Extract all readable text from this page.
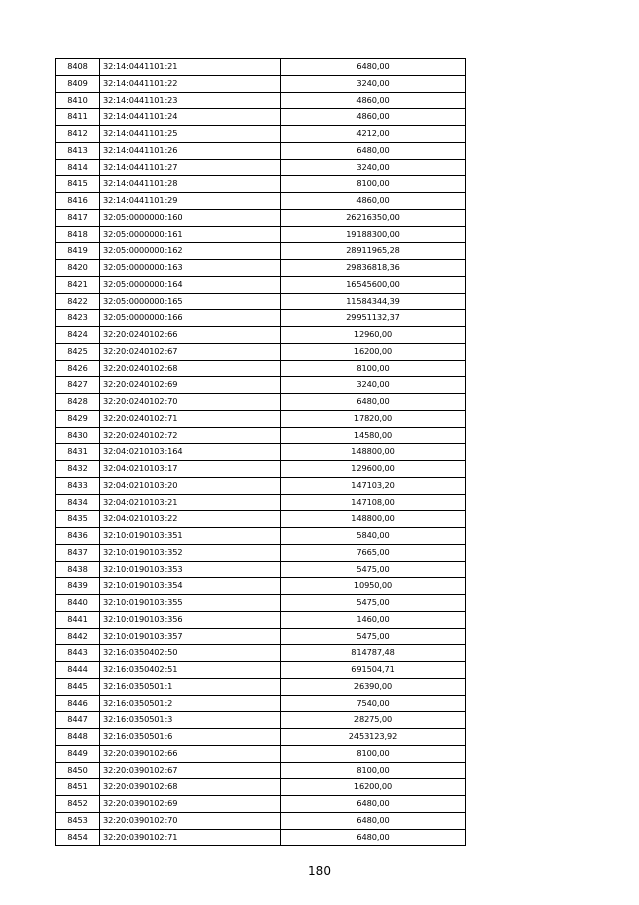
8408	32:14:0441101:21	6480,00
8409	32:14:0441101:22	3240,00
8410	32:14:0441101:23	4860,00
8411	32:14:0441101:24	4860,00
8412	32:14:0441101:25	4212,00
8413	32:14:0441101:26	6480,00
8414	32:14:0441101:27	3240,00
8415	32:14:0441101:28	8100,00
8416	32:14:0441101:29	4860,00
8417	32:05:0000000:160	26216350,00
8418	32:05:0000000:161	19188300,00
8419	32:05:0000000:162	28911965,28
8420	32:05:0000000:163	29836818,36
8421	32:05:0000000:164	16545600,00
8422	32:05:0000000:165	11584344,39
8423	32:05:0000000:166	29951132,37
8424	32:20:0240102:66	12960,00
8425	32:20:0240102:67	16200,00
8426	32:20:0240102:68	8100,00
8427	32:20:0240102:69	3240,00
8428	32:20:0240102:70	6480,00
8429	32:20:0240102:71	17820,00
8430	32:20:0240102:72	14580,00
8431	32:04:0210103:164	148800,00
8432	32:04:0210103:17	129600,00
8433	32:04:0210103:20	147103,20
8434	32:04:0210103:21	147108,00
8435	32:04:0210103:22	148800,00
8436	32:10:0190103:351	5840,00
8437	32:10:0190103:352	7665,00
8438	32:10:0190103:353	5475,00
8439	32:10:0190103:354	10950,00
8440	32:10:0190103:355	5475,00
8441	32:10:0190103:356	1460,00
8442	32:10:0190103:357	5475,00
8443	32:16:0350402:50	814787,48
8444	32:16:0350402:51	691504,71
8445	32:16:0350501:1	26390,00
8446	32:16:0350501:2	7540,00
8447	32:16:0350501:3	28275,00
8448	32:16:0350501:6	2453123,92
8449	32:20:0390102:66	8100,00
8450	32:20:0390102:67	8100,00
8451	32:20:0390102:68	16200,00
8452	32:20:0390102:69	6480,00
8453	32:20:0390102:70	6480,00
8454	32:20:0390102:71	6480,00
180
